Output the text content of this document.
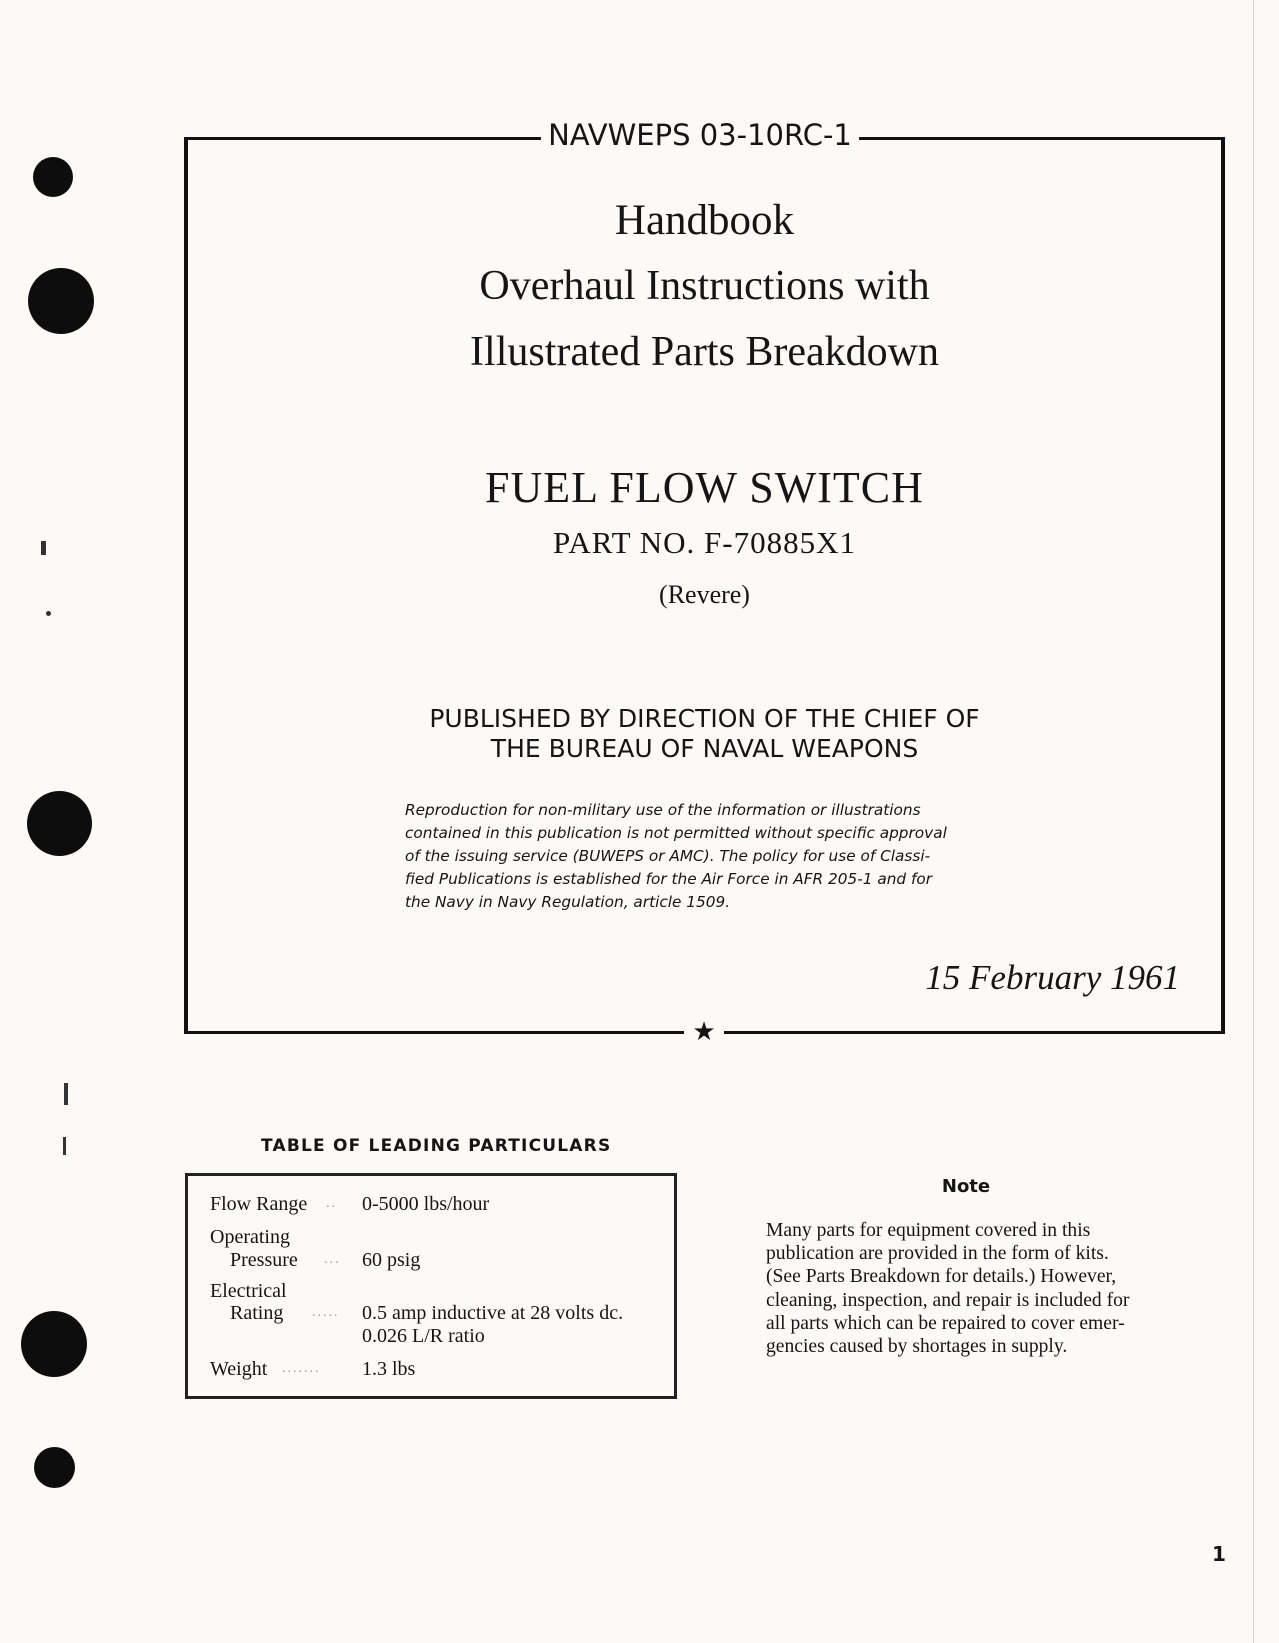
NAVWEPS 03-10RC-1
Handbook
Overhaul Instructions with
Illustrated Parts Breakdown
FUEL FLOW SWITCH
PART NO. F-70885X1
(Revere)
PUBLISHED BY DIRECTION OF THE CHIEF OF
THE BUREAU OF NAVAL WEAPONS
Reproduction for non-military use of the information or illustrations
contained in this publication is not permitted without specific approval
of the issuing service (BUWEPS or AMC). The policy for use of Classi-
fied Publications is established for the Air Force in AFR 205-1 and for
the Navy in Navy Regulation, article 1509.
15 February 1961
★
TABLE OF LEADING PARTICULARS
Flow Range .. 0-5000 lbs/hour
Operating
Pressure ... 60 psig
Electrical
Rating ..... 0.5 amp inductive at 28 volts dc.
0.026 L/R ratio
Weight ....... 1.3 lbs
Note
Many parts for equipment covered in this
publication are provided in the form of kits.
(See Parts Breakdown for details.) However,
cleaning, inspection, and repair is included for
all parts which can be repaired to cover emer-
gencies caused by shortages in supply.
1
